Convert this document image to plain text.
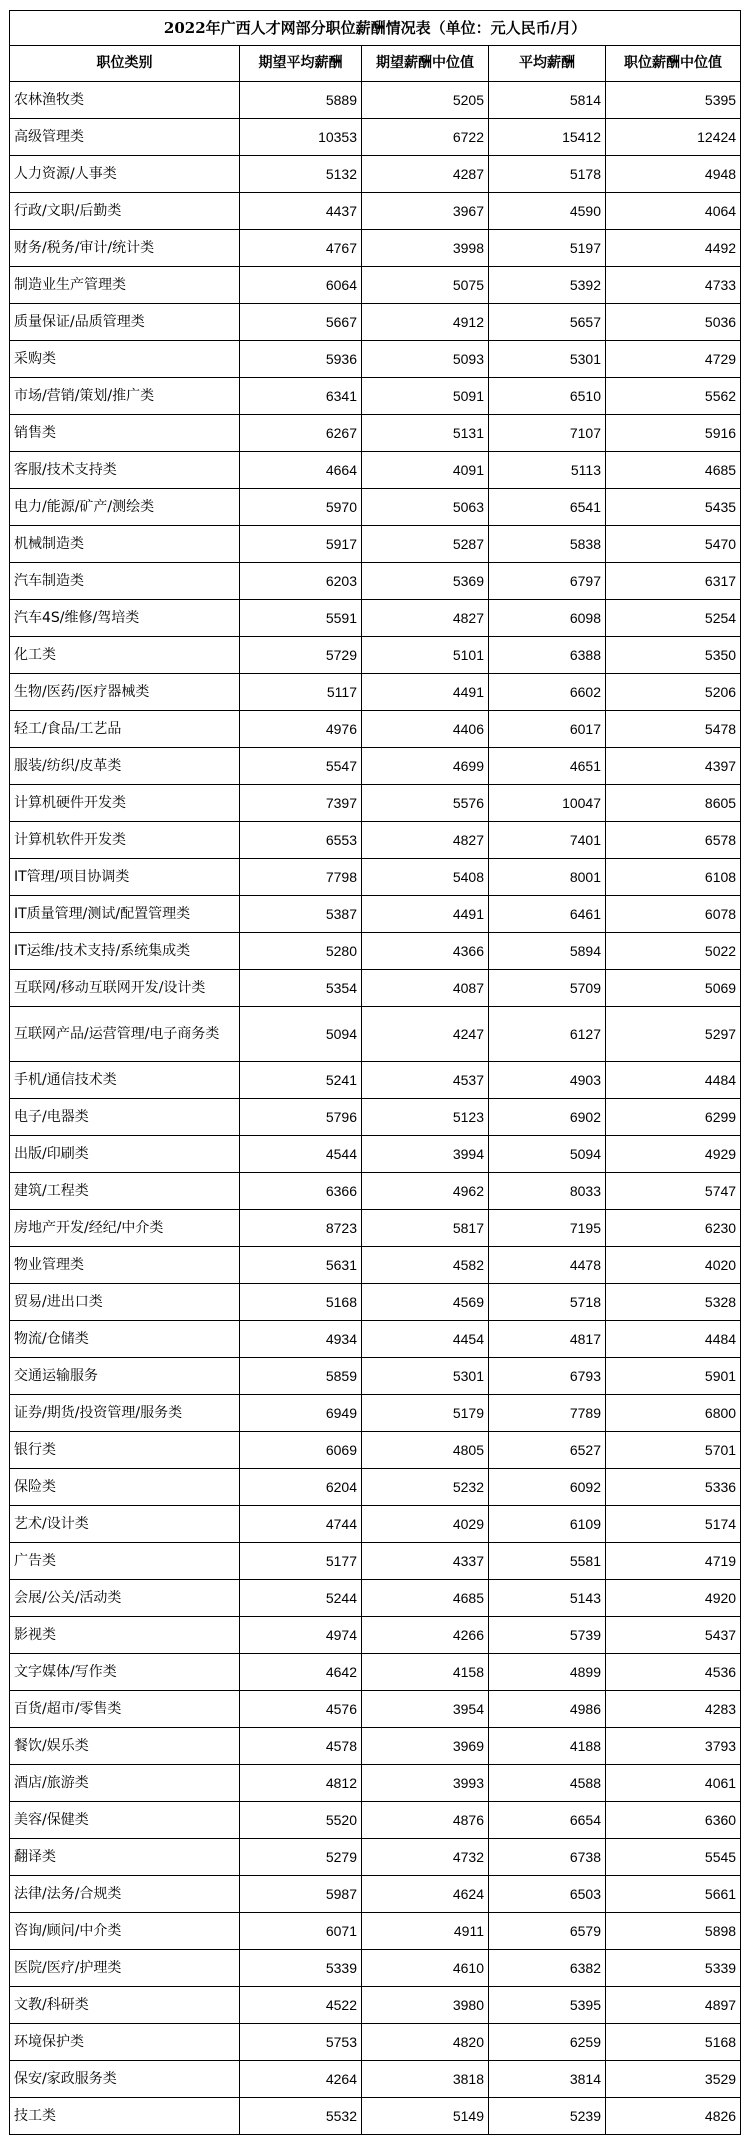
2022年广西人才网部分职位薪酬情况表（单位：元人民币/月）				
职位类别	期望平均薪酬	期望薪酬中位值	平均薪酬	职位薪酬中位值
农林渔牧类	5889	5205	5814	5395
高级管理类	10353	6722	15412	12424
人力资源/人事类	5132	4287	5178	4948
行政/文职/后勤类	4437	3967	4590	4064
财务/税务/审计/统计类	4767	3998	5197	4492
制造业生产管理类	6064	5075	5392	4733
质量保证/品质管理类	5667	4912	5657	5036
采购类	5936	5093	5301	4729
市场/营销/策划/推广类	6341	5091	6510	5562
销售类	6267	5131	7107	5916
客服/技术支持类	4664	4091	5113	4685
电力/能源/矿产/测绘类	5970	5063	6541	5435
机械制造类	5917	5287	5838	5470
汽车制造类	6203	5369	6797	6317
汽车4S/维修/驾培类	5591	4827	6098	5254
化工类	5729	5101	6388	5350
生物/医药/医疗器械类	5117	4491	6602	5206
轻工/食品/工艺品	4976	4406	6017	5478
服装/纺织/皮革类	5547	4699	4651	4397
计算机硬件开发类	7397	5576	10047	8605
计算机软件开发类	6553	4827	7401	6578
IT管理/项目协调类	7798	5408	8001	6108
IT质量管理/测试/配置管理类	5387	4491	6461	6078
IT运维/技术支持/系统集成类	5280	4366	5894	5022
互联网/移动互联网开发/设计类	5354	4087	5709	5069
互联网产品/运营管理/电子商务类	5094	4247	6127	5297
手机/通信技术类	5241	4537	4903	4484
电子/电器类	5796	5123	6902	6299
出版/印刷类	4544	3994	5094	4929
建筑/工程类	6366	4962	8033	5747
房地产开发/经纪/中介类	8723	5817	7195	6230
物业管理类	5631	4582	4478	4020
贸易/进出口类	5168	4569	5718	5328
物流/仓储类	4934	4454	4817	4484
交通运输服务	5859	5301	6793	5901
证券/期货/投资管理/服务类	6949	5179	7789	6800
银行类	6069	4805	6527	5701
保险类	6204	5232	6092	5336
艺术/设计类	4744	4029	6109	5174
广告类	5177	4337	5581	4719
会展/公关/活动类	5244	4685	5143	4920
影视类	4974	4266	5739	5437
文字媒体/写作类	4642	4158	4899	4536
百货/超市/零售类	4576	3954	4986	4283
餐饮/娱乐类	4578	3969	4188	3793
酒店/旅游类	4812	3993	4588	4061
美容/保健类	5520	4876	6654	6360
翻译类	5279	4732	6738	5545
法律/法务/合规类	5987	4624	6503	5661
咨询/顾问/中介类	6071	4911	6579	5898
医院/医疗/护理类	5339	4610	6382	5339
文教/科研类	4522	3980	5395	4897
环境保护类	5753	4820	6259	5168
保安/家政服务类	4264	3818	3814	3529
技工类	5532	5149	5239	4826
